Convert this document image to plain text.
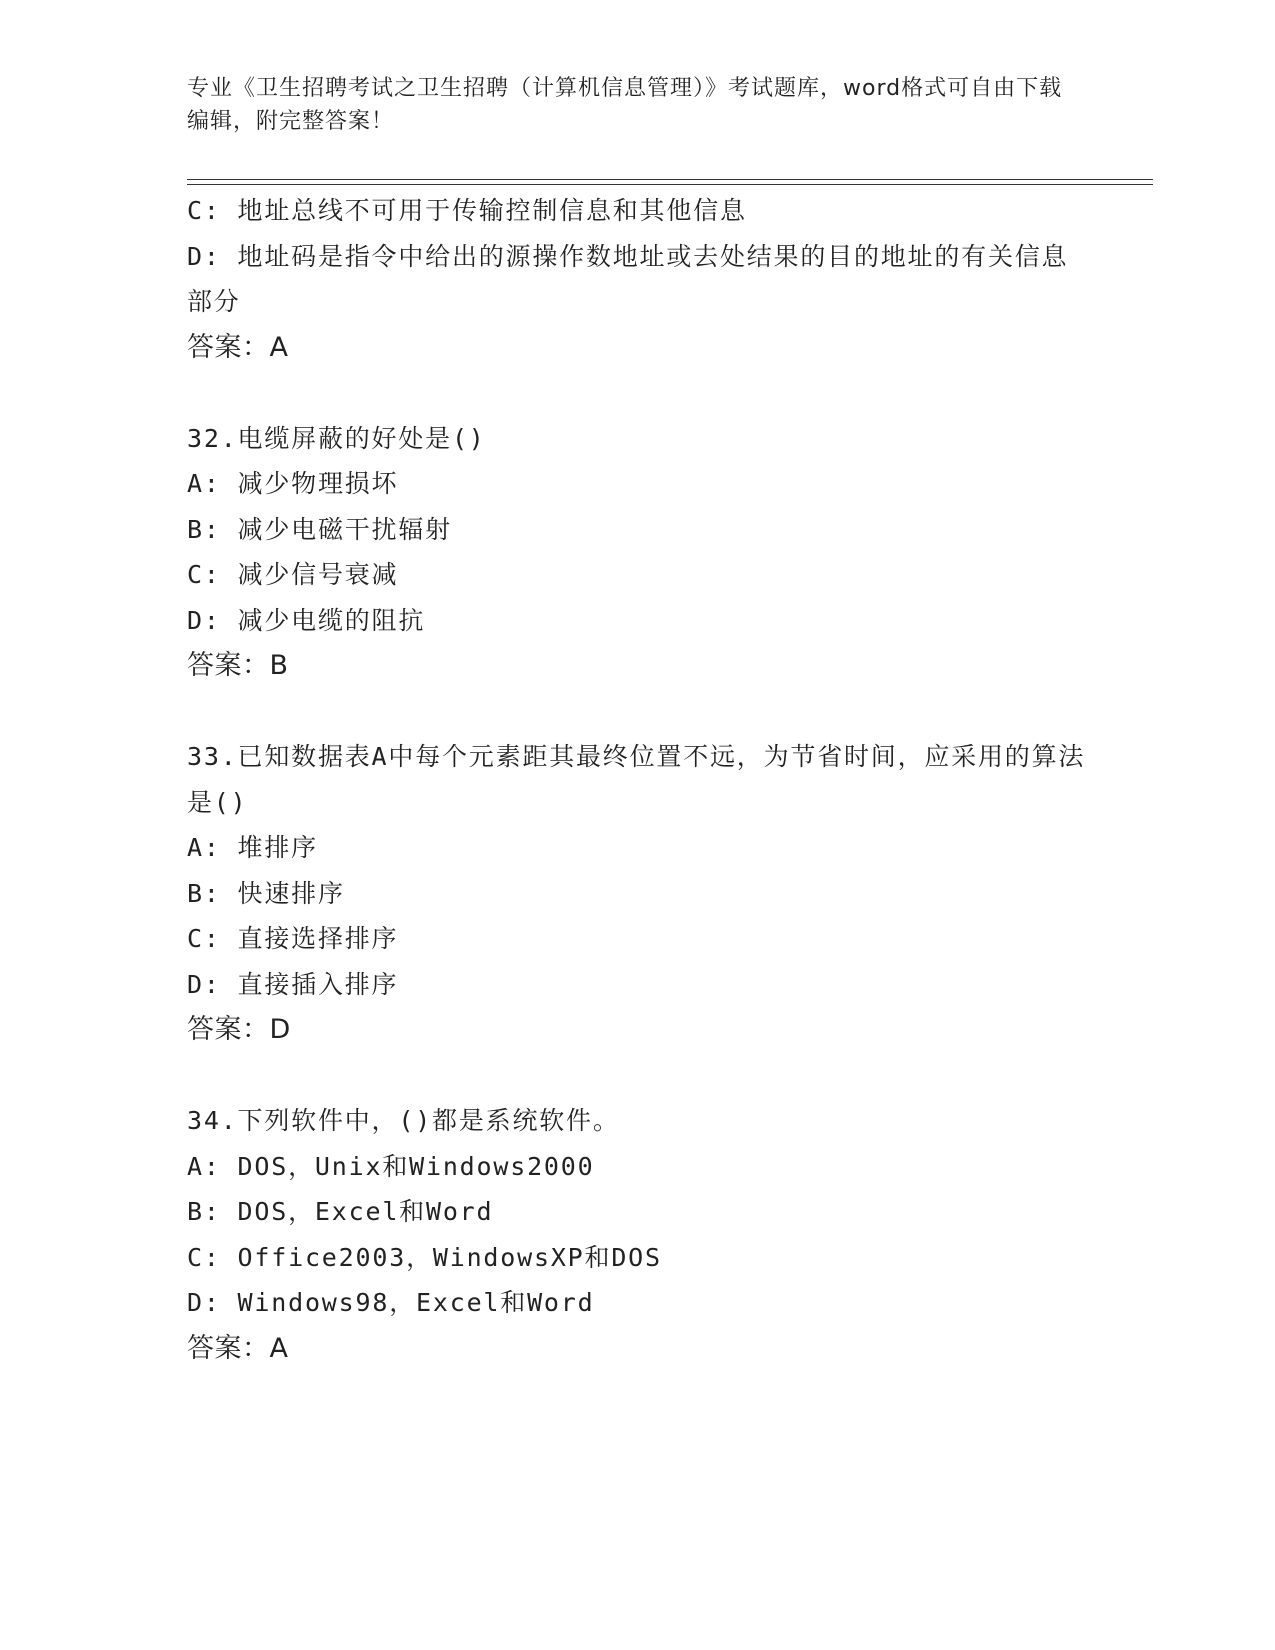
专业《卫生招聘考试之卫生招聘（计算机信息管理）》考试题库，word格式可自由下载编辑，附完整答案！
C: 地址总线不可用于传输控制信息和其他信息
D: 地址码是指令中给出的源操作数地址或去处结果的目的地址的有关信息部分
答案：A
32.电缆屏蔽的好处是()
A: 减少物理损坏
B: 减少电磁干扰辐射
C: 减少信号衰减
D: 减少电缆的阻抗
答案：B
33.已知数据表A中每个元素距其最终位置不远，为节省时间，应采用的算法是()
A: 堆排序
B: 快速排序
C: 直接选择排序
D: 直接插入排序
答案：D
34.下列软件中，()都是系统软件。
A: DOS，Unix和Windows2000
B: DOS，Excel和Word
C: Office2003，WindowsXP和DOS
D: Windows98，Excel和Word
答案：A
